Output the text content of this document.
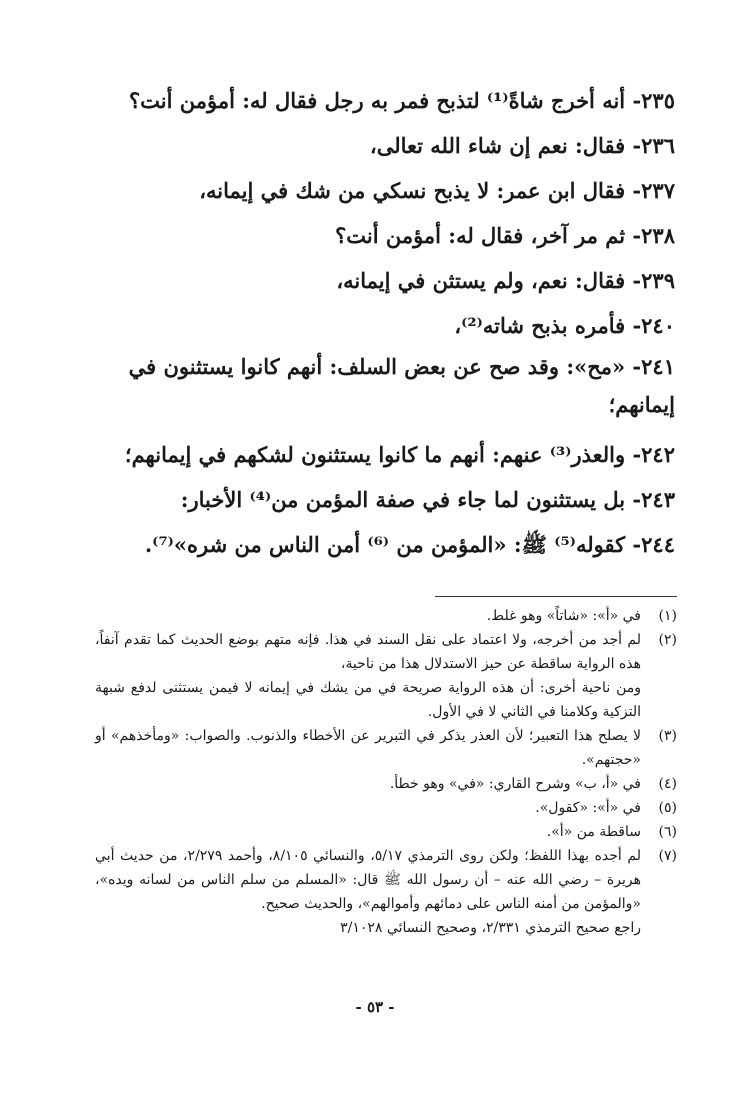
٢٣٥- أنه أخرج شاةً⁽¹⁾ لتذبح فمر به رجل فقال له: أمؤمن أنت؟
٢٣٦- فقال: نعم إن شاء الله تعالى،
٢٣٧- فقال ابن عمر: لا يذبح نسكي من شك في إيمانه،
٢٣٨- ثم مر آخر، فقال له: أمؤمن أنت؟
٢٣٩- فقال: نعم، ولم يستثن في إيمانه،
٢٤٠- فأمره بذبح شاته⁽²⁾،
٢٤١- «مح»: وقد صح عن بعض السلف: أنهم كانوا يستثنون في إيمانهم؛
٢٤٢- والعذر⁽³⁾ عنهم: أنهم ما كانوا يستثنون لشكهم في إيمانهم؛
٢٤٣- بل يستثنون لما جاء في صفة المؤمن من⁽⁴⁾ الأخبار:
٢٤٤- كقوله⁽⁵⁾ ﷺ: «المؤمن من ⁽⁶⁾ أمن الناس من شره»⁽⁷⁾.
(١)
في «أ»: «شاتاً» وهو غلط.
(٢)
لم أجد من أخرجه، ولا اعتماد على نقل السند في هذا. فإنه متهم بوضع الحديث كما تقدم آنفاً، هذه الرواية ساقطة عن حيز الاستدلال هذا من ناحية،
ومن ناحية أخرى: أن هذه الرواية صريحة في من يشك في إيمانه لا فيمن يستثنى لدفع شبهة التزكية وكلامنا في الثاني لا في الأول.
(٣)
لا يصلح هذا التعبير؛ لأن العذر يذكر في التبرير عن الأخطاء والذنوب. والصواب: «ومأخذهم» أو «حجتهم».
(٤)
في «أ، ب» وشرح القاري: «في» وهو خطأ.
(٥)
في «أ»: «كقول».
(٦)
ساقطة من «أ».
(٧)
لم أجده بهذا اللفظ؛ ولكن روى الترمذي ٥/١٧، والنسائي ٨/١٠٥، وأحمد ٢/٢٧٩، من حديث أبي هريرة – رضي الله عنه – أن رسول الله ﷺ قال: «المسلم من سلم الناس من لسانه ويده»، «والمؤمن من أمنه الناس على دمائهم وأموالهم»، والحديث صحيح.
راجع صحيح الترمذي ٢/٣٣١، وصحيح النسائي ٣/١٠٢٨
- ٥٣ -
